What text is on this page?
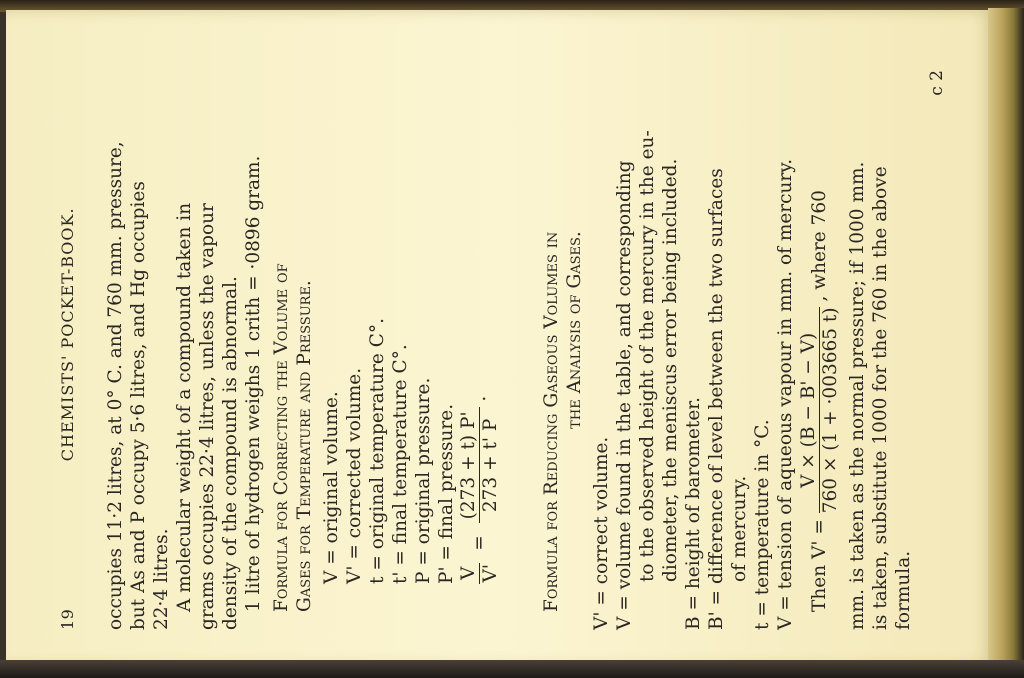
19
CHEMISTS' POCKET-BOOK. occupies 11·2 litres, at 0° C. and 760 mm. pressure, but As and P occupy 5·6 litres, and Hg occupies 22·4 litres. A molecular weight of a compound taken in grams occupies 22·4 litres, unless the vapour density of the compound is abnormal. 1 litre of hydrogen weighs 1 crith = ·0896 gram. Formula for Correcting the Volume of Gases for Temperature and Pressure. V = original volume. V' = corrected volume. t = original temperature C°. t' = final temperature C°. P = original pressure. P' = final pressure. V V'
=
(273 + t) P' 273 + t' P
.	Formula for Reducing Gaseous Volumes in the Analysis of Gases.
V' = correct volume. V = volume found in the table, and corresponding to the observed height of the mercury in the eu- diometer, the meniscus error being included. B = height of barometer. B' = difference of level between the two surfaces of mercury. t = temperature in °C. V = tension of aqueous vapour in mm. of mercury. Then V' =
V × (B − B' − V) 760 × (1 + ·003665 t)
, where 760 mm. is taken as the normal pressure; if 1000 mm. is taken, substitute 1000 for the 760 in the above formula.
c 2
